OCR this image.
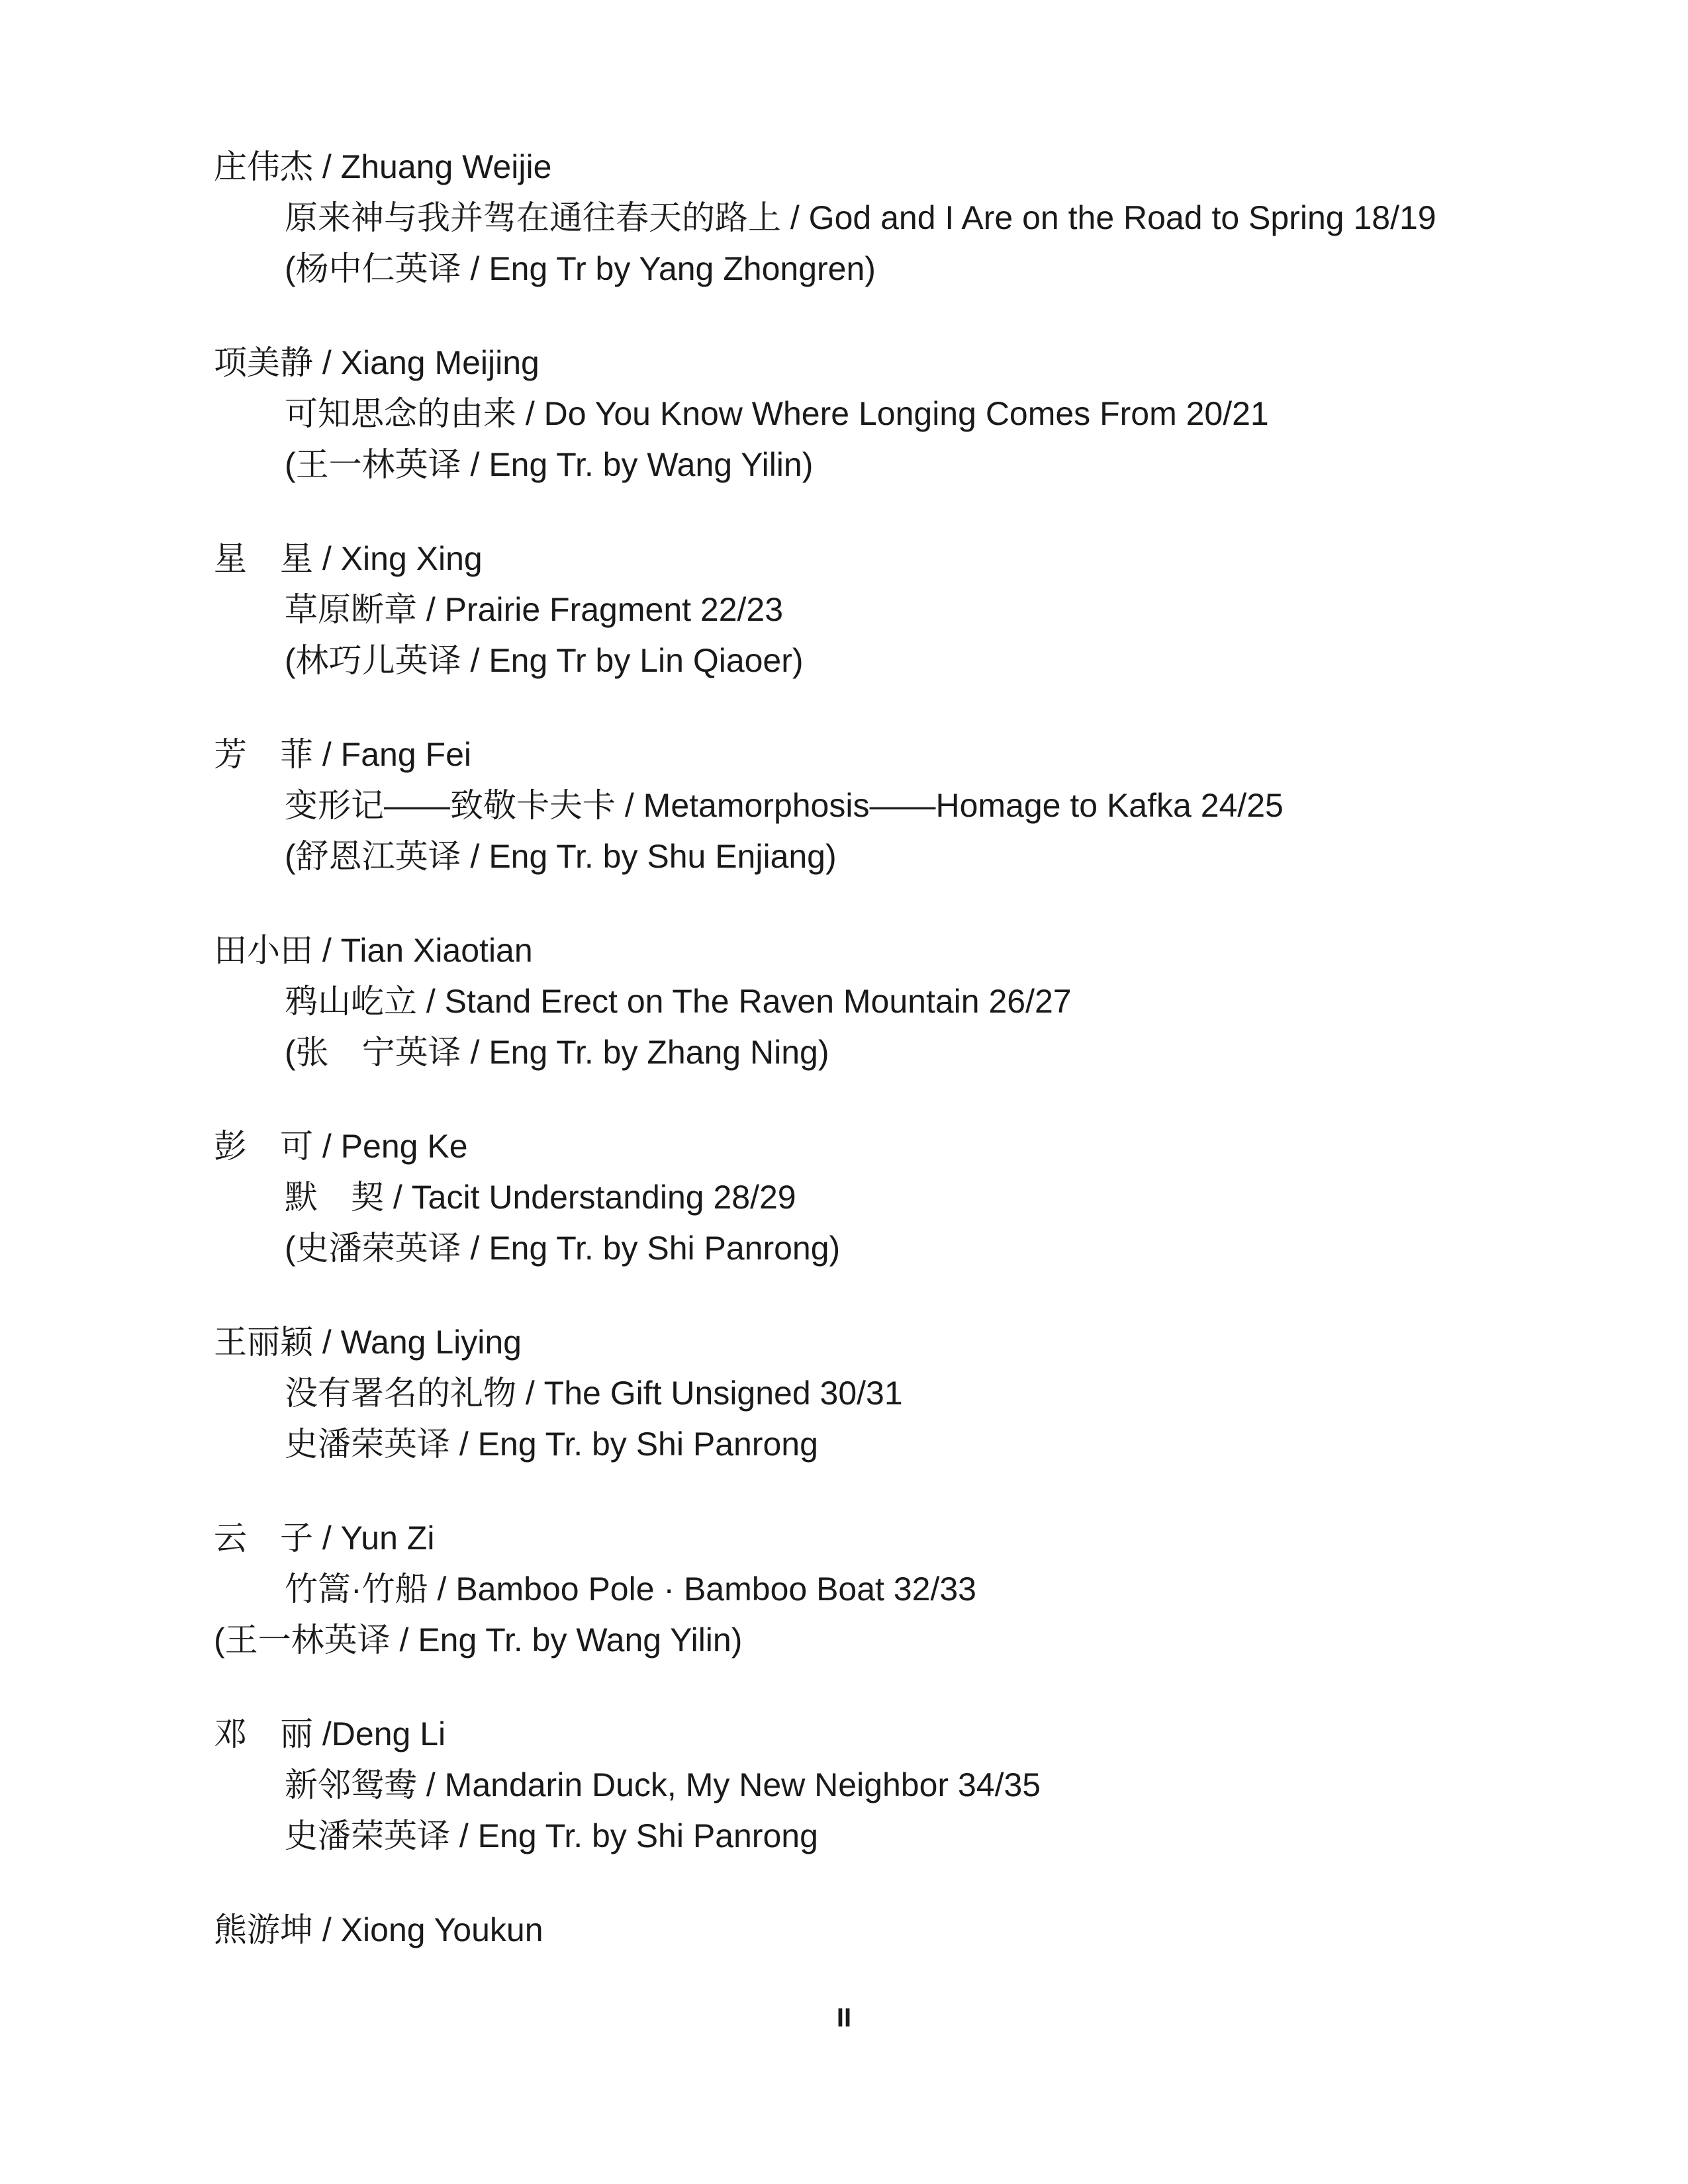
庄伟杰 / Zhuang Weijie
原来神与我并驾在通往春天的路上 / God and I Are on the Road to Spring 18/19
(杨中仁英译 / Eng Tr by Yang Zhongren)
项美静 / Xiang Meijing
可知思念的由来 / Do You Know Where Longing Comes From 20/21
(王一林英译 / Eng Tr. by Wang Yilin)
星　星 / Xing Xing
草原断章 / Prairie Fragment 22/23
(林巧儿英译 / Eng Tr by Lin Qiaoer)
芳　菲 / Fang Fei
变形记——致敬卡夫卡 / Metamorphosis——Homage to Kafka 24/25
(舒恩江英译 / Eng Tr. by Shu Enjiang)
田小田 / Tian Xiaotian
鸦山屹立 / Stand Erect on The Raven Mountain 26/27
(张　宁英译 / Eng Tr. by Zhang Ning)
彭　可 / Peng Ke
默　契 / Tacit Understanding 28/29
(史潘荣英译 / Eng Tr. by Shi Panrong)
王丽颖 / Wang Liying
没有署名的礼物 / The Gift Unsigned 30/31
史潘荣英译 / Eng Tr. by Shi Panrong
云　子 / Yun Zi
竹篙·竹船 / Bamboo Pole · Bamboo Boat 32/33
(王一林英译 / Eng Tr. by Wang Yilin)
邓　丽 /Deng Li
新邻鸳鸯 / Mandarin Duck, My New Neighbor 34/35
史潘荣英译 / Eng Tr. by Shi Panrong
熊游坤 / Xiong Youkun
II
